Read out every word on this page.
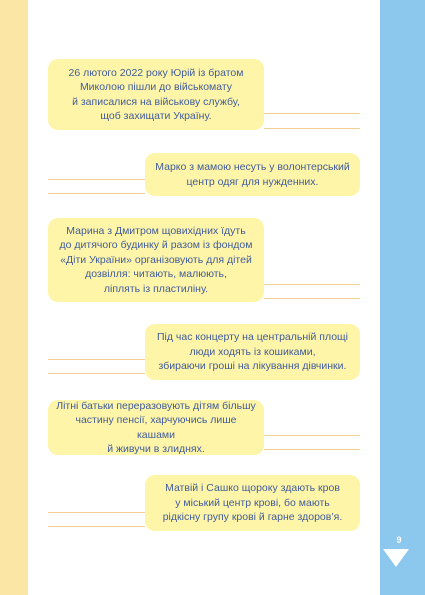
26 лютого 2022 року Юрій із братом
Миколою пішли до військомату
й записалися на військову службу,
щоб захищати Україну.
Марко з мамою несуть у волонтерський
центр одяг для нужденних.
Марина з Дмитром щовихідних їдуть
до дитячого будинку й разом із фондом
«Діти України» організовують для дітей
дозвілля: читають, малюють,
ліплять із пластиліну.
Під час концерту на центральній площі
люди ходять із кошиками,
збираючи гроші на лікування дівчинки.
Літні батьки переразовують дітям більшу
частину пенсії, харчуючись лише кашами
й живучи в злиднях.
Матвій і Сашко щороку здають кров
у міський центр крові, бо мають
рідкісну групу крові й гарне здоров’я.
9
